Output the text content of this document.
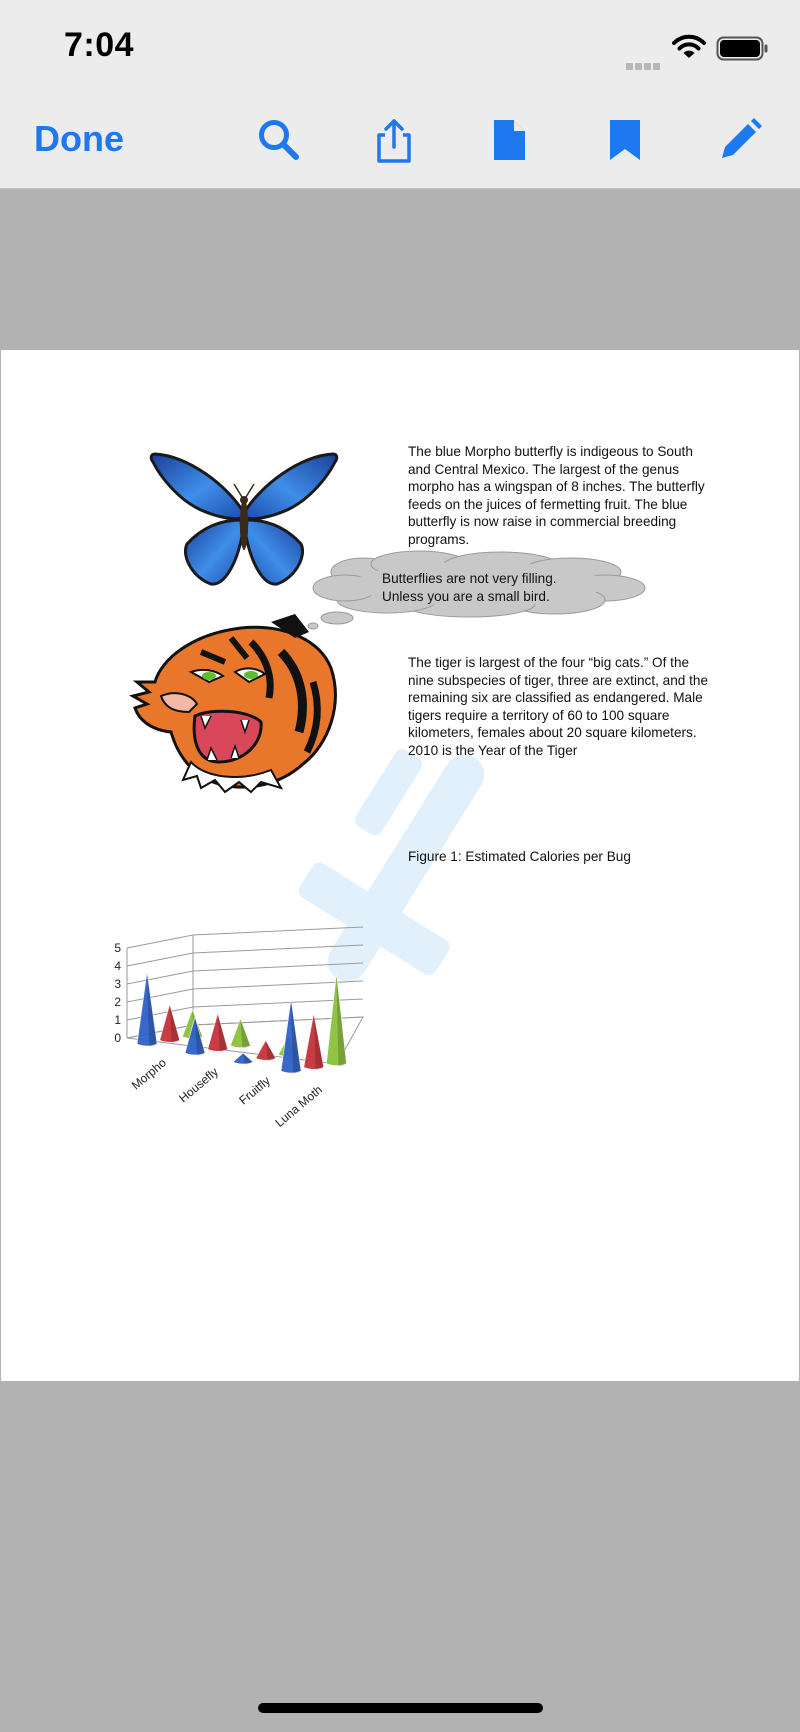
7:04
Done

The blue Morpho butterfly is indigeous to South and Central Mexico. The largest of the genus morpho has a wingspan of 8 inches. The butterfly feeds on the juices of fermetting fruit. The blue butterfly is now raise in commercial breeding programs.

Butterflies are not very filling.
Unless you are a small bird.

The tiger is largest of the four “big cats.” Of the nine subspecies of tiger, three are extinct, and the remaining six are classified as endangered. Male tigers require a territory of 60 to 100 square kilometers, females about 20 square kilometers. 2010 is the Year of the Tiger

Figure 1: Estimated Calories per Bug

0
1
2
3
4
5
Morpho Housefly Fruitfly Luna Moth
